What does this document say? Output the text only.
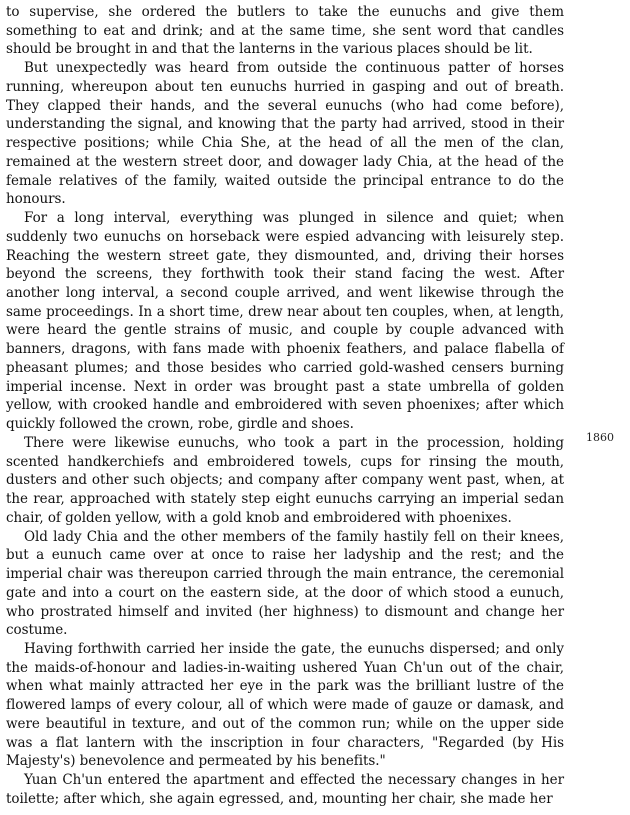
to supervise, she ordered the butlers to take the eunuchs and give them something to eat and drink; and at the same time, she sent word that candles should be brought in and that the lanterns in the various places should be lit.

But unexpectedly was heard from outside the continuous patter of horses running, whereupon about ten eunuchs hurried in gasping and out of breath. They clapped their hands, and the several eunuchs (who had come before), understanding the signal, and knowing that the party had arrived, stood in their respective positions; while Chia She, at the head of all the men of the clan, remained at the western street door, and dowager lady Chia, at the head of the female relatives of the family, waited outside the principal entrance to do the honours.

For a long interval, everything was plunged in silence and quiet; when suddenly two eunuchs on horseback were espied advancing with leisurely step. Reaching the western street gate, they dismounted, and, driving their horses beyond the screens, they forthwith took their stand facing the west. After another long interval, a second couple arrived, and went likewise through the same proceedings. In a short time, drew near about ten couples, when, at length, were heard the gentle strains of music, and couple by couple advanced with banners, dragons, with fans made with phoenix feathers, and palace flabella of pheasant plumes; and those besides who carried gold-washed censers burning imperial incense. Next in order was brought past a state umbrella of golden yellow, with crooked handle and embroidered with seven phoenixes; after which quickly followed the crown, robe, girdle and shoes.

There were likewise eunuchs, who took a part in the procession, holding scented handkerchiefs and embroidered towels, cups for rinsing the mouth, dusters and other such objects; and company after company went past, when, at the rear, approached with stately step eight eunuchs carrying an imperial sedan chair, of golden yellow, with a gold knob and embroidered with phoenixes.

Old lady Chia and the other members of the family hastily fell on their knees, but a eunuch came over at once to raise her ladyship and the rest; and the imperial chair was thereupon carried through the main entrance, the ceremonial gate and into a court on the eastern side, at the door of which stood a eunuch, who prostrated himself and invited (her highness) to dismount and change her costume.

Having forthwith carried her inside the gate, the eunuchs dispersed; and only the maids-of-honour and ladies-in-waiting ushered Yuan Ch'un out of the chair, when what mainly attracted her eye in the park was the brilliant lustre of the flowered lamps of every colour, all of which were made of gauze or damask, and were beautiful in texture, and out of the common run; while on the upper side was a flat lantern with the inscription in four characters, "Regarded (by His Majesty's) benevolence and permeated by his benefits."

Yuan Ch'un entered the apartment and effected the necessary changes in her toilette; after which, she again egressed, and, mounting her chair, she made her

1860
